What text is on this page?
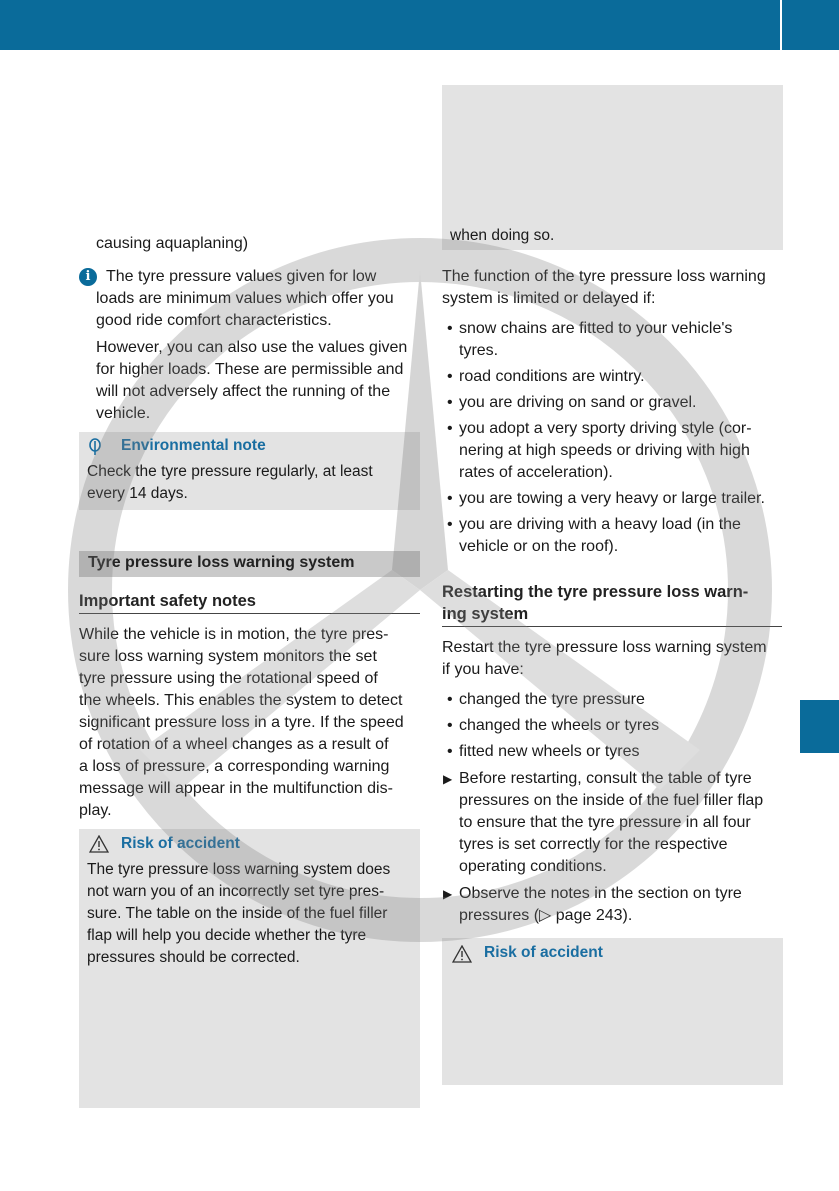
causing aquaplaning)

i The tyre pressure values given for low

loads are minimum values which offer you

good ride comfort characteristics.

However, you can also use the values given

for higher loads. These are permissible and

will not adversely affect the running of the

vehicle.

Environmental note
Check the tyre pressure regularly, at least
every 14 days.
Tyre pressure loss warning system

Important safety notes

While the vehicle is in motion, the tyre pres-

sure loss warning system monitors the set

tyre pressure using the rotational speed of

the wheels. This enables the system to detect

significant pressure loss in a tyre. If the speed

of rotation of a wheel changes as a result of

a loss of pressure, a corresponding warning

message will appear in the multifunction dis-

play.

Risk of accident
The tyre pressure loss warning system does
not warn you of an incorrectly set tyre pres-
sure. The table on the inside of the fuel filler
flap will help you decide whether the tyre
pressures should be corrected.
when doing so.

The function of the tyre pressure loss warning

system is limited or delayed if:

• snow chains are fitted to your vehicle's

tyres.

• road conditions are wintry.

• you are driving on sand or gravel.

• you adopt a very sporty driving style (cor-

nering at high speeds or driving with high

rates of acceleration).

• you are towing a very heavy or large trailer.

• you are driving with a heavy load (in the

vehicle or on the roof).

Restarting the tyre pressure loss warn-

ing system

Restart the tyre pressure loss warning system

if you have:

• changed the tyre pressure

• changed the wheels or tyres

• fitted new wheels or tyres

▶ Before restarting, consult the table of tyre

pressures on the inside of the fuel filler flap

to ensure that the tyre pressure in all four

tyres is set correctly for the respective

operating conditions.

▶ Observe the notes in the section on tyre

pressures (▷ page 243).

Risk of accident
